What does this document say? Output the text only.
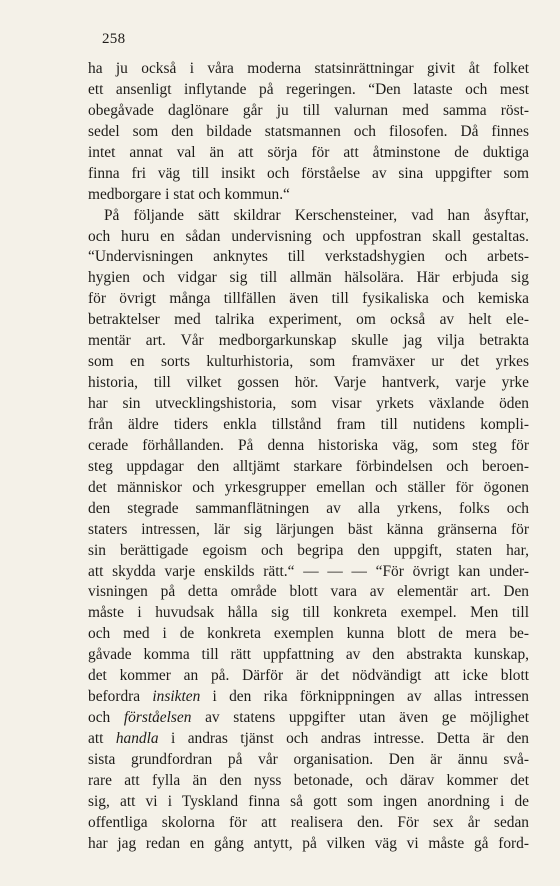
258
ha ju också i våra moderna statsinrättningar givit åt folket
ett ansenligt inflytande på regeringen. “Den lataste och mest
obegåvade daglönare går ju till valurnan med samma röst-
sedel som den bildade statsmannen och filosofen. Då finnes
intet annat val än att sörja för att åtminstone de duktiga
finna fri väg till insikt och förståelse av sina uppgifter som
medborgare i stat och kommun.“
På följande sätt skildrar Kerschensteiner, vad han åsyftar,
och huru en sådan undervisning och uppfostran skall gestaltas.
“Undervisningen anknytes till verkstadshygien och arbets-
hygien och vidgar sig till allmän hälsolära. Här erbjuda sig
för övrigt många tillfällen även till fysikaliska och kemiska
betraktelser med talrika experiment, om också av helt ele-
mentär art. Vår medborgarkunskap skulle jag vilja betrakta
som en sorts kulturhistoria, som framväxer ur det yrkes
historia, till vilket gossen hör. Varje hantverk, varje yrke
har sin utvecklingshistoria, som visar yrkets växlande öden
från äldre tiders enkla tillstånd fram till nutidens kompli-
cerade förhållanden. På denna historiska väg, som steg för
steg uppdagar den alltjämt starkare förbindelsen och beroen-
det människor och yrkesgrupper emellan och ställer för ögonen
den stegrade sammanflätningen av alla yrkens, folks och
staters intressen, lär sig lärjungen bäst känna gränserna för
sin berättigade egoism och begripa den uppgift, staten har,
att skydda varje enskilds rätt.“ — — — “För övrigt kan under-
visningen på detta område blott vara av elementär art. Den
måste i huvudsak hålla sig till konkreta exempel. Men till
och med i de konkreta exemplen kunna blott de mera be-
gåvade komma till rätt uppfattning av den abstrakta kunskap,
det kommer an på. Därför är det nödvändigt att icke blott
befordra insikten i den rika förknippningen av allas intressen
och förståelsen av statens uppgifter utan även ge möjlighet
att handla i andras tjänst och andras intresse. Detta är den
sista grundfordran på vår organisation. Den är ännu svå-
rare att fylla än den nyss betonade, och därav kommer det
sig, att vi i Tyskland finna så gott som ingen anordning i de
offentliga skolorna för att realisera den. För sex år sedan
har jag redan en gång antytt, på vilken väg vi måste gå ford-
